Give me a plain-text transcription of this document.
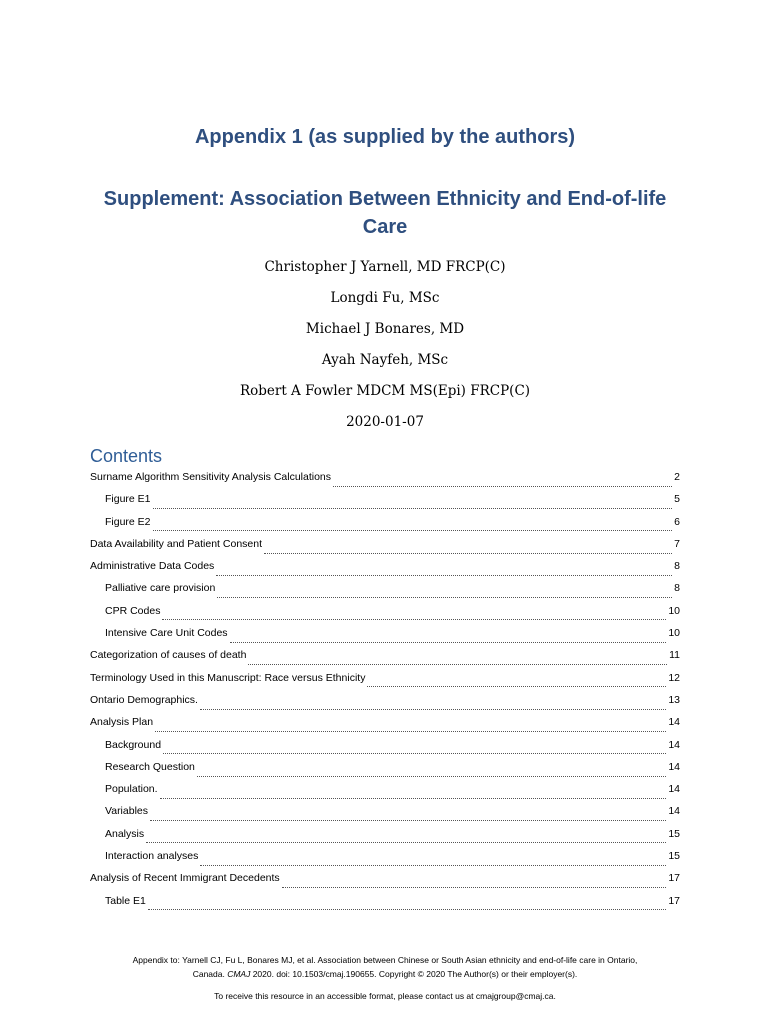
Appendix 1 (as supplied by the authors)
Supplement: Association Between Ethnicity and End-of-life Care
Christopher J Yarnell, MD FRCP(C)
Longdi Fu, MSc
Michael J Bonares, MD
Ayah Nayfeh, MSc
Robert A Fowler MDCM MS(Epi) FRCP(C)
2020-01-07
Contents
Surname Algorithm Sensitivity Analysis Calculations	2
Figure E1	5
Figure E2	6
Data Availability and Patient Consent	7
Administrative Data Codes	8
Palliative care provision	8
CPR Codes	10
Intensive Care Unit Codes	10
Categorization of causes of death	11
Terminology Used in this Manuscript: Race versus Ethnicity	12
Ontario Demographics.	13
Analysis Plan	14
Background	14
Research Question	14
Population.	14
Variables	14
Analysis	15
Interaction analyses	15
Analysis of Recent Immigrant Decedents	17
Table E1	17
Appendix to: Yarnell CJ, Fu L, Bonares MJ, et al. Association between Chinese or South Asian ethnicity and end-of-life care in Ontario,
Canada. CMAJ 2020. doi: 10.1503/cmaj.190655. Copyright © 2020 The Author(s) or their employer(s).
To receive this resource in an accessible format, please contact us at cmajgroup@cmaj.ca.
